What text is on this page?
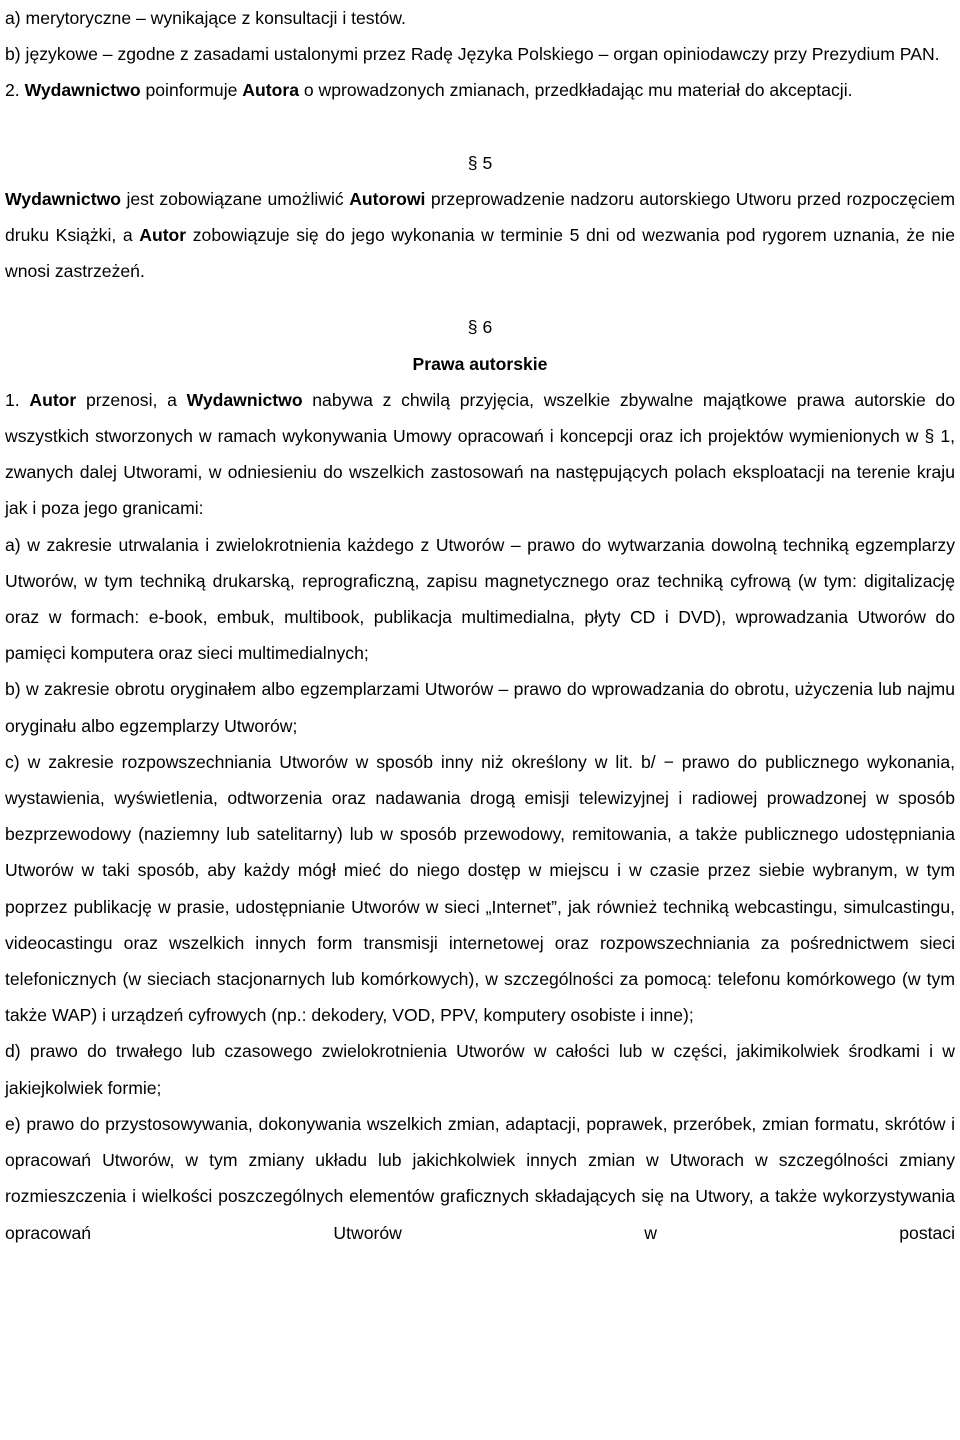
a) merytoryczne – wynikające z konsultacji i testów.

b) językowe – zgodne z zasadami ustalonymi przez Radę Języka Polskiego – organ opiniodawczy przy Prezydium PAN.

2. Wydawnictwo poinformuje Autora o wprowadzonych zmianach, przedkładając mu materiał do akceptacji.

§ 5

Wydawnictwo jest zobowiązane umożliwić Autorowi przeprowadzenie nadzoru autorskiego Utworu przed rozpoczęciem druku Książki, a Autor zobowiązuje się do jego wykonania w terminie 5 dni od wezwania pod rygorem uznania, że nie wnosi zastrzeżeń.

§ 6

Prawa autorskie

1. Autor przenosi, a Wydawnictwo nabywa z chwilą przyjęcia, wszelkie zbywalne majątkowe prawa autorskie do wszystkich stworzonych w ramach wykonywania Umowy opracowań i koncepcji oraz ich projektów wymienionych w § 1, zwanych dalej Utworami, w odniesieniu do wszelkich zastosowań na następujących polach eksploatacji na terenie kraju jak i poza jego granicami:

a) w zakresie utrwalania i zwielokrotnienia każdego z Utworów – prawo do wytwarzania dowolną techniką egzemplarzy Utworów, w tym techniką drukarską, reprograficzną, zapisu magnetycznego oraz techniką cyfrową (w tym: digitalizację oraz w formach: e-book, embuk, multibook, publikacja multimedialna, płyty CD i DVD), wprowadzania Utworów do pamięci komputera oraz sieci multimedialnych;

b) w zakresie obrotu oryginałem albo egzemplarzami Utworów – prawo do wprowadzania do obrotu, użyczenia lub najmu oryginału albo egzemplarzy Utworów;

c) w zakresie rozpowszechniania Utworów w sposób inny niż określony w lit. b/ − prawo do publicznego wykonania, wystawienia, wyświetlenia, odtworzenia oraz nadawania drogą emisji telewizyjnej i radiowej prowadzonej w sposób bezprzewodowy (naziemny lub satelitarny) lub w sposób przewodowy, remitowania, a także publicznego udostępniania Utworów w taki sposób, aby każdy mógł mieć do niego dostęp w miejscu i w czasie przez siebie wybranym, w tym poprzez publikację w prasie, udostępnianie Utworów w sieci „Internet”, jak również techniką webcastingu, simulcastingu, videocastingu oraz wszelkich innych form transmisji internetowej oraz rozpowszechniania za pośrednictwem sieci telefonicznych (w sieciach stacjonarnych lub komórkowych), w szczególności za pomocą: telefonu komórkowego (w tym także WAP) i urządzeń cyfrowych (np.: dekodery, VOD, PPV, komputery osobiste i inne);

d) prawo do trwałego lub czasowego zwielokrotnienia Utworów w całości lub w części, jakimikolwiek środkami i w jakiejkolwiek formie;

e) prawo do przystosowywania, dokonywania wszelkich zmian, adaptacji, poprawek, przeróbek, zmian formatu, skrótów i opracowań Utworów, w tym zmiany układu lub jakichkolwiek innych zmian w Utworach w szczególności zmiany rozmieszczenia i wielkości poszczególnych elementów graficznych składających się na Utwory, a także wykorzystywania opracowań Utworów w postaci
